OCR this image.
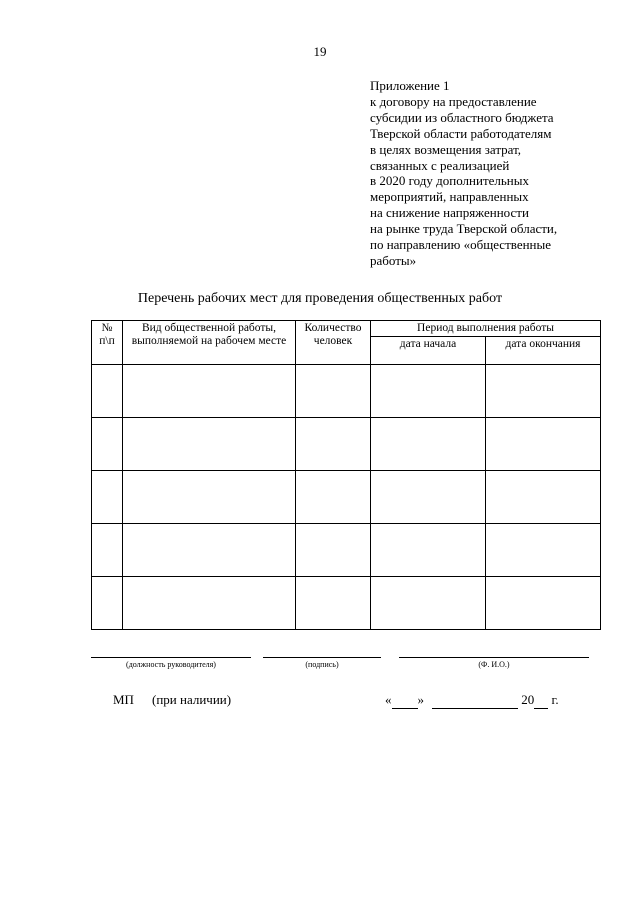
19
Приложение 1
к договору на предоставление
субсидии из областного бюджета
Тверской области работодателям
в целях возмещения затрат,
связанных с реализацией
в 2020 году дополнительных
мероприятий, направленных
на снижение напряженности
на рынке труда Тверской области,
по направлению «общественные
работы»
Перечень рабочих мест для проведения общественных работ
№
п\п	Вид общественной работы, выполняемой на рабочем месте	Количество человек	Период выполнения работы	
			дата начала	дата окончания

(должность руководителя)	(подпись)	(Ф. И.О.)
МП (при наличии)	« »	20 г.
